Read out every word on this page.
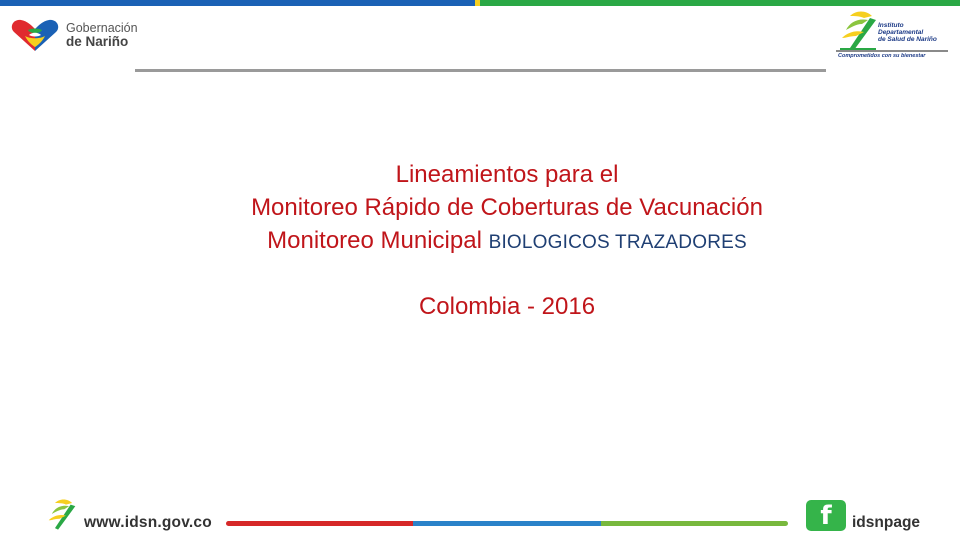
Gobernación
de Nariño
Instituto
Departamental
de Salud de Nariño
Comprometidos con su bienestar
Lineamientos para el
Monitoreo Rápido de Coberturas de Vacunación
Monitoreo Municipal BIOLOGICOS TRAZADORES
Colombia - 2016
www.idsn.gov.co	f idsnpage
